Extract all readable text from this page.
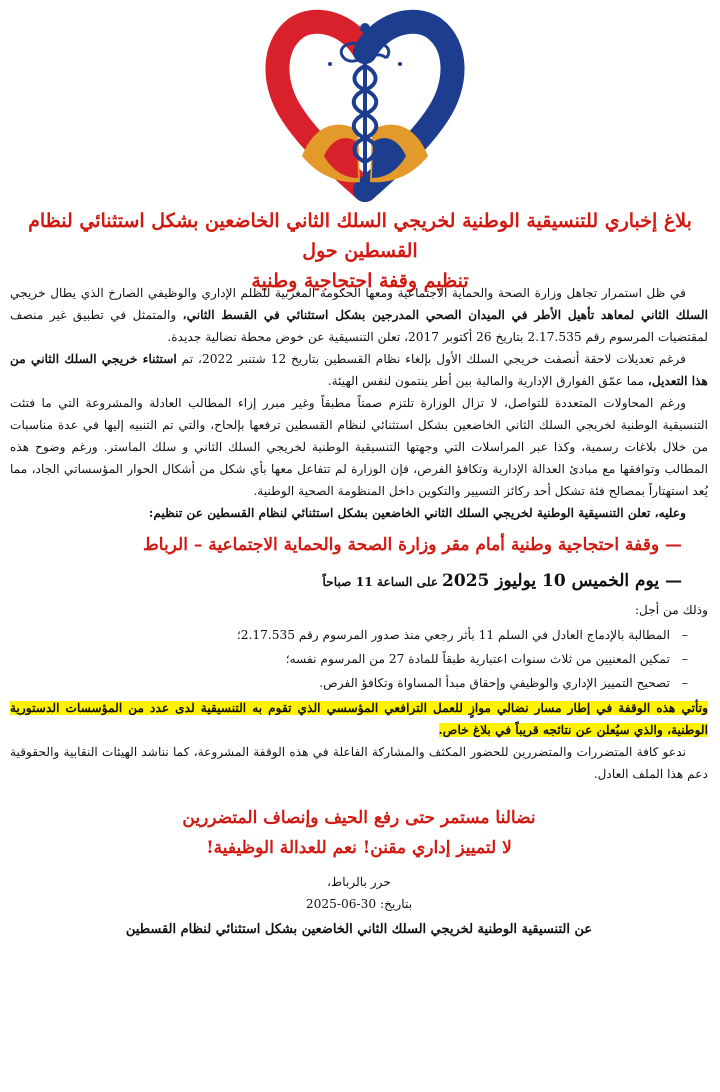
بلاغ إخباري للتنسيقية الوطنية لخريجي السلك الثاني الخاضعين بشكل استثنائي لنظام القسطين حول
تنظيم وقفة احتجاجية وطنية

في ظل استمرار تجاهل وزارة الصحة والحماية الاجتماعية ومعها الحكومة المغربية للظلم الإداري والوظيفي الصارخ الذي يطال خريجي السلك الثاني لمعاهد تأهيل الأطر في الميدان الصحي المدرجين بشكل استثنائي في القسط الثاني، والمتمثل في تطبيق غير منصف لمقتضيات المرسوم رقم 2.17.535 بتاريخ 26 أكتوبر 2017، تعلن التنسيقية عن خوض محطة نضالية جديدة.

فرغم تعديلات لاحقة أنصفت خريجي السلك الأول بإلغاء نظام القسطين بتاريخ 12 شتنبر 2022، تم استثناء خريجي السلك الثاني من هذا التعديل، مما عمّق الفوارق الإدارية والمالية بين أطر ينتمون لنفس الهيئة.

ورغم المحاولات المتعددة للتواصل، لا تزال الوزارة تلتزم صمتاً مطبقاً وغير مبرر إزاء المطالب العادلة والمشروعة التي ما فتئت التنسيقية الوطنية لخريجي السلك الثاني الخاضعين بشكل استثنائي لنظام القسطين ترفعها بإلحاح، والتي تم التنبيه إليها في عدة مناسبات من خلال بلاغات رسمية، وكذا عبر المراسلات التي وجهتها التنسيقية الوطنية لخريجي السلك الثاني و سلك الماستر. ورغم وضوح هذه المطالب وتوافقها مع مبادئ العدالة الإدارية وتكافؤ الفرص، فإن الوزارة لم تتفاعل معها بأي شكل من أشكال الحوار المؤسساتي الجاد، مما يُعد استهتاراً بمصالح فئة تشكل أحد ركائز التسيير والتكوين داخل المنظومة الصحية الوطنية.

وعليه، تعلن التنسيقية الوطنية لخريجي السلك الثاني الخاضعين بشكل استثنائي لنظام القسطين عن تنظيم:

— وقفة احتجاجية وطنية أمام مقر وزارة الصحة والحماية الاجتماعية – الرباط
— يوم الخميس 10 يوليوز 2025 على الساعة 11 صباحاً

وذلك من أجل:

– المطالبة بالإدماج العادل في السلم 11 بأثر رجعي منذ صدور المرسوم رقم 2.17.535؛
– تمكين المعنيين من ثلاث سنوات اعتبارية طبقاً للمادة 27 من المرسوم نفسه؛
– تصحيح التمييز الإداري والوظيفي وإحقاق مبدأ المساواة وتكافؤ الفرص.

وتأتي هذه الوقفة في إطار مسار نضالي موازٍ للعمل الترافعي المؤسسي الذي تقوم به التنسيقية لدى عدد من المؤسسات الدستورية الوطنية، والذي سيُعلن عن نتائجه قريباً في بلاغ خاص.

ندعو كافة المتضررات والمتضررين للحضور المكثف والمشاركة الفاعلة في هذه الوقفة المشروعة، كما نناشد الهيئات النقابية والحقوقية دعم هذا الملف العادل.

نضالنا مستمر حتى رفع الحيف وإنصاف المتضررين
لا لتمييز إداري مقنن! نعم للعدالة الوظيفية!
حرر بالرباط،
بتاريخ: 30-06-2025
عن التنسيقية الوطنية لخريجي السلك الثاني الخاضعين بشكل استثنائي لنظام القسطين
